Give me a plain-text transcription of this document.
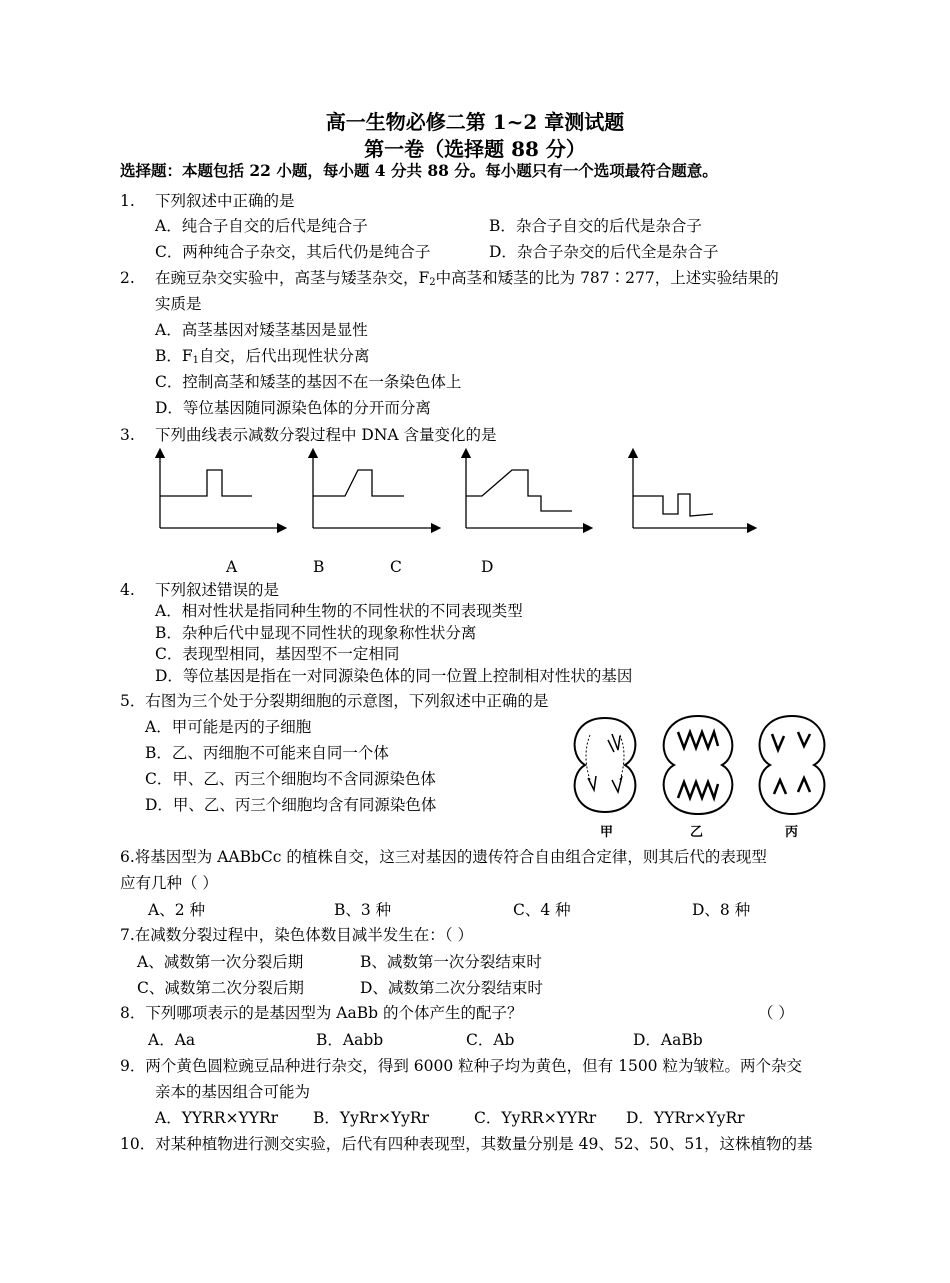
高一生物必修二第 1~2 章测试题
第一卷（选择题 88 分）
选择题：本题包括 22 小题，每小题 4 分共 88 分。每小题只有一个选项最符合题意。
1. 下列叙述中正确的是
A．纯合子自交的后代是纯合子	B．杂合子自交的后代是杂合子
C．两种纯合子杂交，其后代仍是纯合子	D．杂合子杂交的后代全是杂合子
2. 在豌豆杂交实验中，高茎与矮茎杂交，$F_2$中高茎和矮茎的比为 787∶277，上述实验结果的
实质是
A．高茎基因对矮茎基因是显性
B．$F_1$自交，后代出现性状分离
C．控制高茎和矮茎的基因不在一条染色体上
D．等位基因随同源染色体的分开而分离
3. 下列曲线表示减数分裂过程中 DNA 含量变化的是
A	B	C	D
4. 下列叙述错误的是
A．相对性状是指同种生物的不同性状的不同表现类型
B．杂种后代中显现不同性状的现象称性状分离
C．表现型相同，基因型不一定相同
D．等位基因是指在一对同源染色体的同一位置上控制相对性状的基因
5．右图为三个处于分裂期细胞的示意图，下列叙述中正确的是
A．甲可能是丙的子细胞
B．乙、丙细胞不可能来自同一个体
C．甲、乙、丙三个细胞均不含同源染色体
D．甲、乙、丙三个细胞均含有同源染色体
甲	乙	丙
6.将基因型为 AABbCc 的植株自交，这三对基因的遗传符合自由组合定律，则其后代的表现型
应有几种（ ）
A、2 种	B、3 种	C、4 种	D、8 种
7.在减数分裂过程中，染色体数目减半发生在：（ ）
A、减数第一次分裂后期	B、减数第一次分裂结束时
C、减数第二次分裂后期	D、减数第二次分裂结束时
8．下列哪项表示的是基因型为 AaBb 的个体产生的配子？	（ ）
A．Aa	B．Aabb	C．Ab	D．AaBb
9．两个黄色圆粒豌豆品种进行杂交，得到 6000 粒种子均为黄色，但有 1500 粒为皱粒。两个杂交
亲本的基因组合可能为
A．YYRR×YYRr B．YyRr×YyRr	C．YyRR×YYRr D．YYRr×YyRr
10．对某种植物进行测交实验，后代有四种表现型，其数量分别是 49、52、50、51，这株植物的基
